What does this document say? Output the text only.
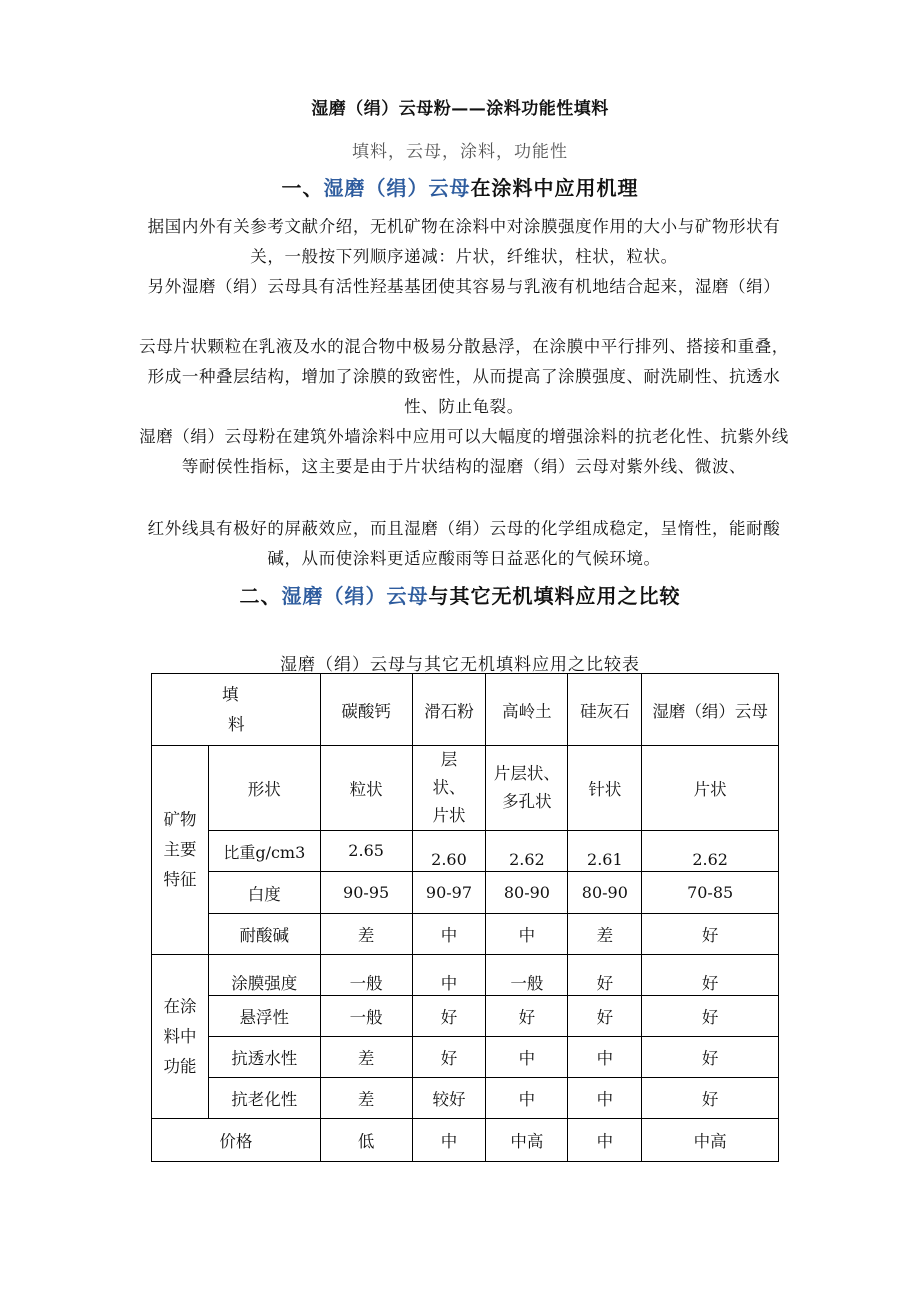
湿磨（绢）云母粉——涂料功能性填料
填料，云母，涂料，功能性
一、湿磨（绢）云母在涂料中应用机理
据国内外有关参考文献介绍，无机矿物在涂料中对涂膜强度作用的大小与矿物形状有关，一般按下列顺序递减：片状，纤维状，柱状，粒状。
另外湿磨（绢）云母具有活性羟基基团使其容易与乳液有机地结合起来，湿磨（绢）
云母片状颗粒在乳液及水的混合物中极易分散悬浮，在涂膜中平行排列、搭接和重叠，形成一种叠层结构，增加了涂膜的致密性，从而提高了涂膜强度、耐洗刷性、抗透水性、防止龟裂。
湿磨（绢）云母粉在建筑外墙涂料中应用可以大幅度的增强涂料的抗老化性、抗紫外线等耐侯性指标，这主要是由于片状结构的湿磨（绢）云母对紫外线、微波、
红外线具有极好的屏蔽效应，而且湿磨（绢）云母的化学组成稳定，呈惰性，能耐酸碱，从而使涂料更适应酸雨等日益恶化的气候环境。
二、湿磨（绢）云母与其它无机填料应用之比较
湿磨（绢）云母与其它无机填料应用之比较表
填
料		碳酸钙	滑石粉	高岭土	硅灰石	湿磨（绢）云母

矿物
主要
特征	形状	粒状	层状、片状	片层状、多孔状	针状	片状
	比重g/cm3	2.65	2.60	2.62	2.61	2.62
	白度	90-95	90-97	80-90	80-90	70-85
	耐酸碱	差	中	中	差	好

在涂
料中
功能	涂膜强度	一般	中	一般	好	好
	悬浮性	一般	好	好	好	好
	抗透水性	差	好	中	中	好
	抗老化性	差	较好	中	中	好
价格		低	中	中高	中	中高
